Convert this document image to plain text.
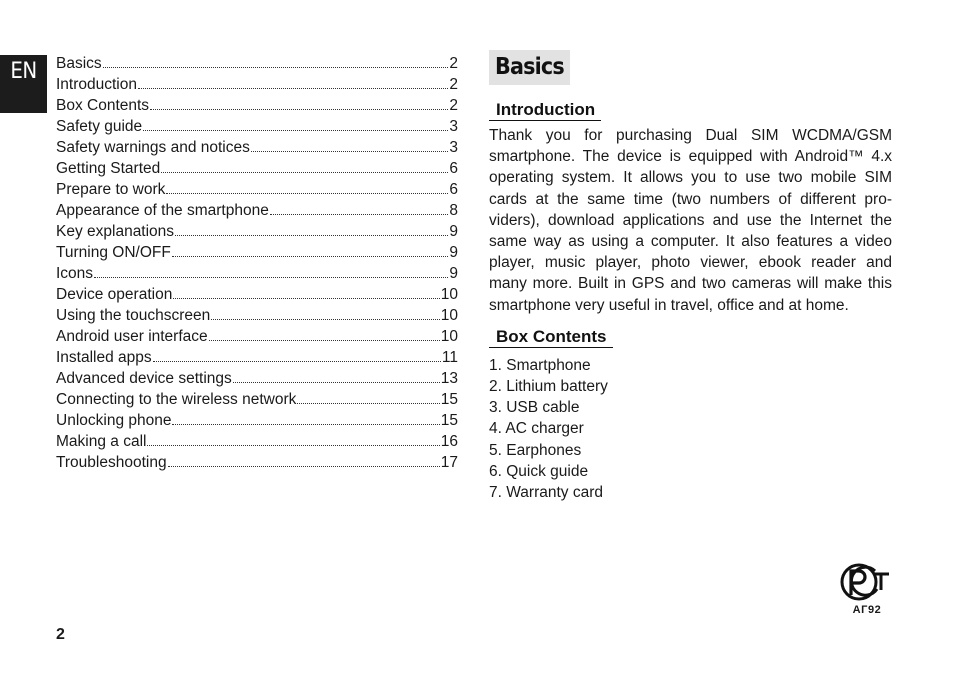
EN	Basics	2
Introduction	2
Box Contents	2
Safety guide	3
Safety warnings and notices	3
Getting Started	6
Prepare to work	6
Appearance of the smartphone	8
Key explanations	9
Turning ON/OFF	9
Icons	9
Device operation	10
Using the touchscreen	10
Android user interface	10
Installed apps	11
Advanced device settings	13
Connecting to the wireless network	15
Unlocking phone	15
Making a call	16
Troubleshooting	17
Basics
Introduction
Thank you for purchasing Dual SIM WCDMA/GSM smartphone. The device is equipped with Android™ 4.x operating system. It allows you to use two mobile SIM cards at the same time (two numbers of different providers), download applications and use the Internet the same way as using a computer. It also features a video player, music player, photo viewer, ebook reader and many more. Built in GPS and two cameras will make this smartphone very useful in travel, office and at home.
Box Contents
1. Smartphone
2. Lithium battery
3. USB cable
4. AC charger
5. Earphones
6. Quick guide
7. Warranty card
2
АГ92
